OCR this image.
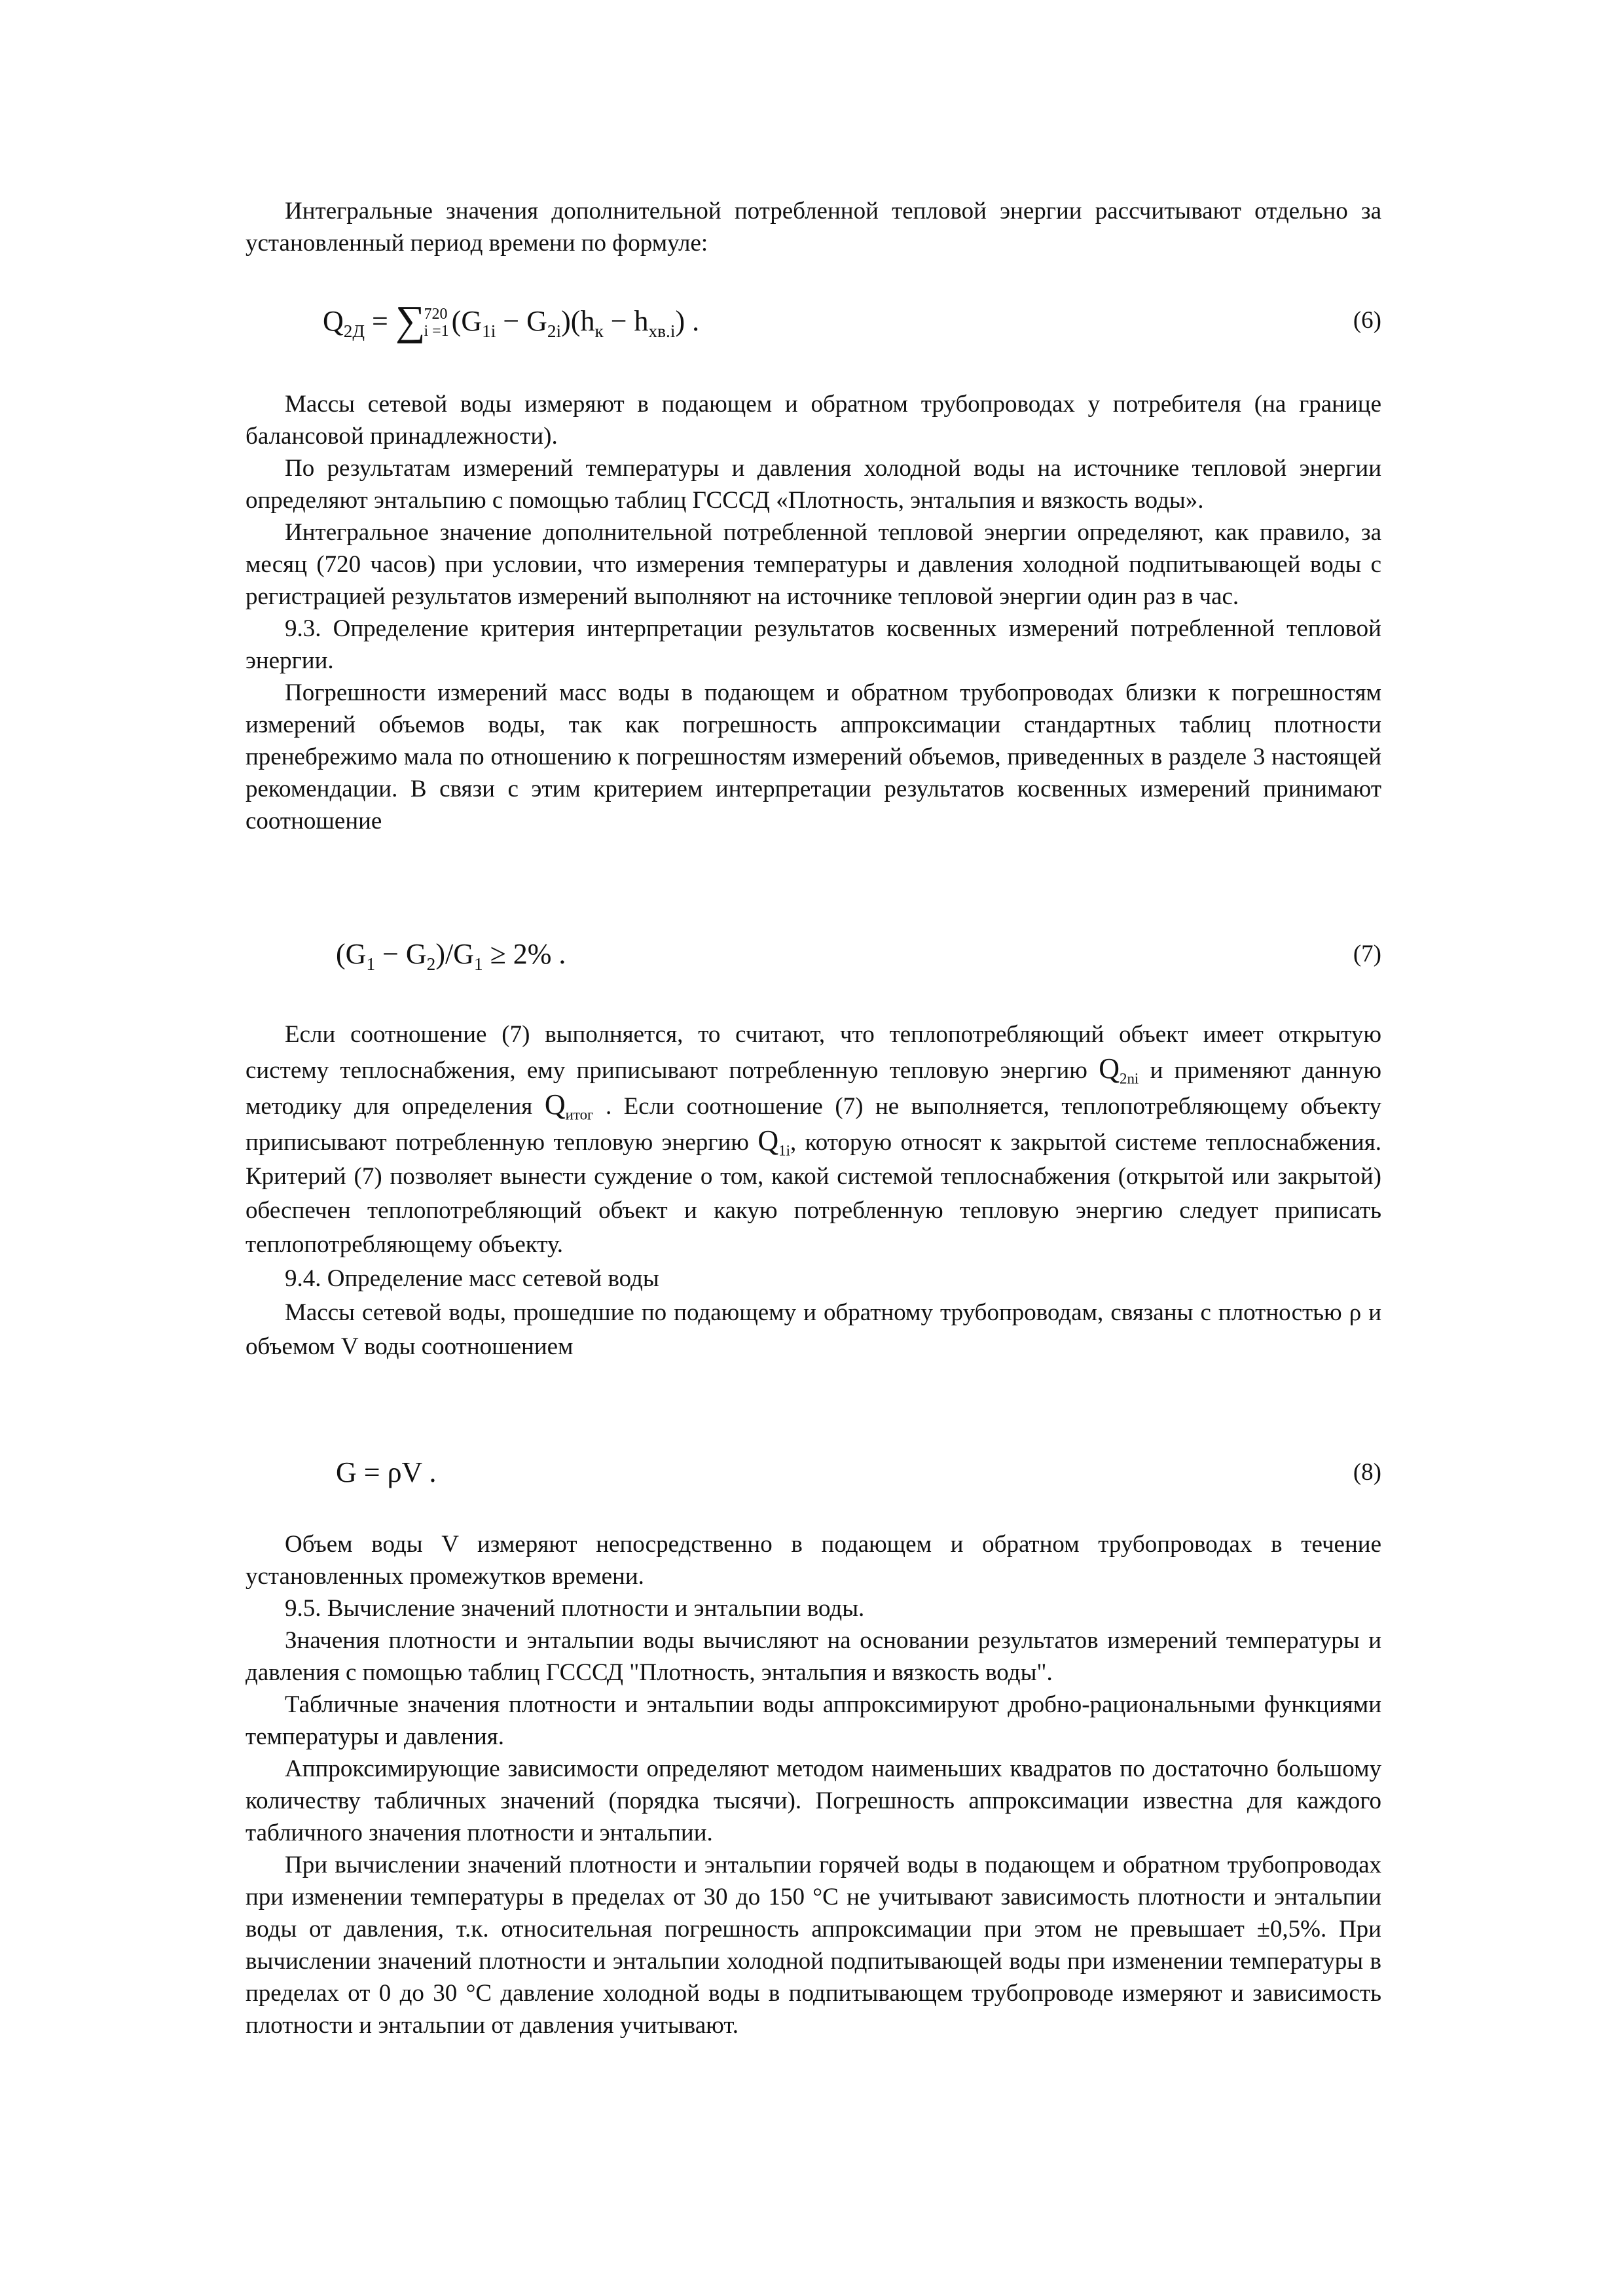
Интегральные значения дополнительной потребленной тепловой энергии рассчитывают отдельно за установленный период времени по формуле:

$Q_{2Д}$ = ∑
720
i =1 $(G_{1i} - G_{2i})(h_к - h_{хв.i})$ .	(6)

Массы сетевой воды измеряют в подающем и обратном трубопроводах у потребителя (на границе балансовой принадлежности).

По результатам измерений температуры и давления холодной воды на источнике тепловой энергии определяют энтальпию с помощью таблиц ГСССД «Плотность, энтальпия и вязкость воды».

Интегральное значение дополнительной потребленной тепловой энергии определяют, как правило, за месяц (720 часов) при условии, что измерения температуры и давления холодной подпитывающей воды с регистрацией результатов измерений выполняют на источнике тепловой энергии один раз в час.

9.3. Определение критерия интерпретации результатов косвенных измерений потребленной тепловой энергии.

Погрешности измерений масс воды в подающем и обратном трубопроводах близки к погрешностям измерений объемов воды, так как погрешность аппроксимации стандартных таблиц плотности пренебрежимо мала по отношению к погрешностям измерений объемов, приведенных в разделе 3 настоящей рекомендации. В связи с этим критерием интерпретации результатов косвенных измерений принимают соотношение

$(G_1 - G_2)/G_1 \ge 2\%$ .	(7)

Если соотношение (7) выполняется, то считают, что теплопотребляющий объект имеет открытую систему теплоснабжения, ему приписывают потребленную тепловую энергию $Q_{2ni}$ и применяют данную методику для определения $Q_{итог}$ . Если соотношение (7) не выполняется, теплопотребляющему объекту приписывают потребленную тепловую энергию $Q_{1i}$, которую относят к закрытой системе теплоснабжения. Критерий (7) позволяет вынести суждение о том, какой системой теплоснабжения (открытой или закрытой) обеспечен теплопотребляющий объект и какую потребленную тепловую энергию следует приписать теплопотребляющему объекту.

9.4. Определение масс сетевой воды

Массы сетевой воды, прошедшие по подающему и обратному трубопроводам, связаны с плотностью ρ и объемом V воды соотношением

G = ρV .	(8)

Объем воды V измеряют непосредственно в подающем и обратном трубопроводах в течение установленных промежутков времени.

9.5. Вычисление значений плотности и энтальпии воды.

Значения плотности и энтальпии воды вычисляют на основании результатов измерений температуры и давления с помощью таблиц ГСССД "Плотность, энтальпия и вязкость воды".

Табличные значения плотности и энтальпии воды аппроксимируют дробно-рациональными функциями температуры и давления.

Аппроксимирующие зависимости определяют методом наименьших квадратов по достаточно большому количеству табличных значений (порядка тысячи). Погрешность аппроксимации известна для каждого табличного значения плотности и энтальпии.

При вычислении значений плотности и энтальпии горячей воды в подающем и обратном трубопроводах при изменении температуры в пределах от 30 до 150 °С не учитывают зависимость плотности и энтальпии воды от давления, т.к. относительная погрешность аппроксимации при этом не превышает ±0,5%. При вычислении значений плотности и энтальпии холодной подпитывающей воды при изменении температуры в пределах от 0 до 30 °С давление холодной воды в подпитывающем трубопроводе измеряют и зависимость плотности и энтальпии от давления учитывают.
